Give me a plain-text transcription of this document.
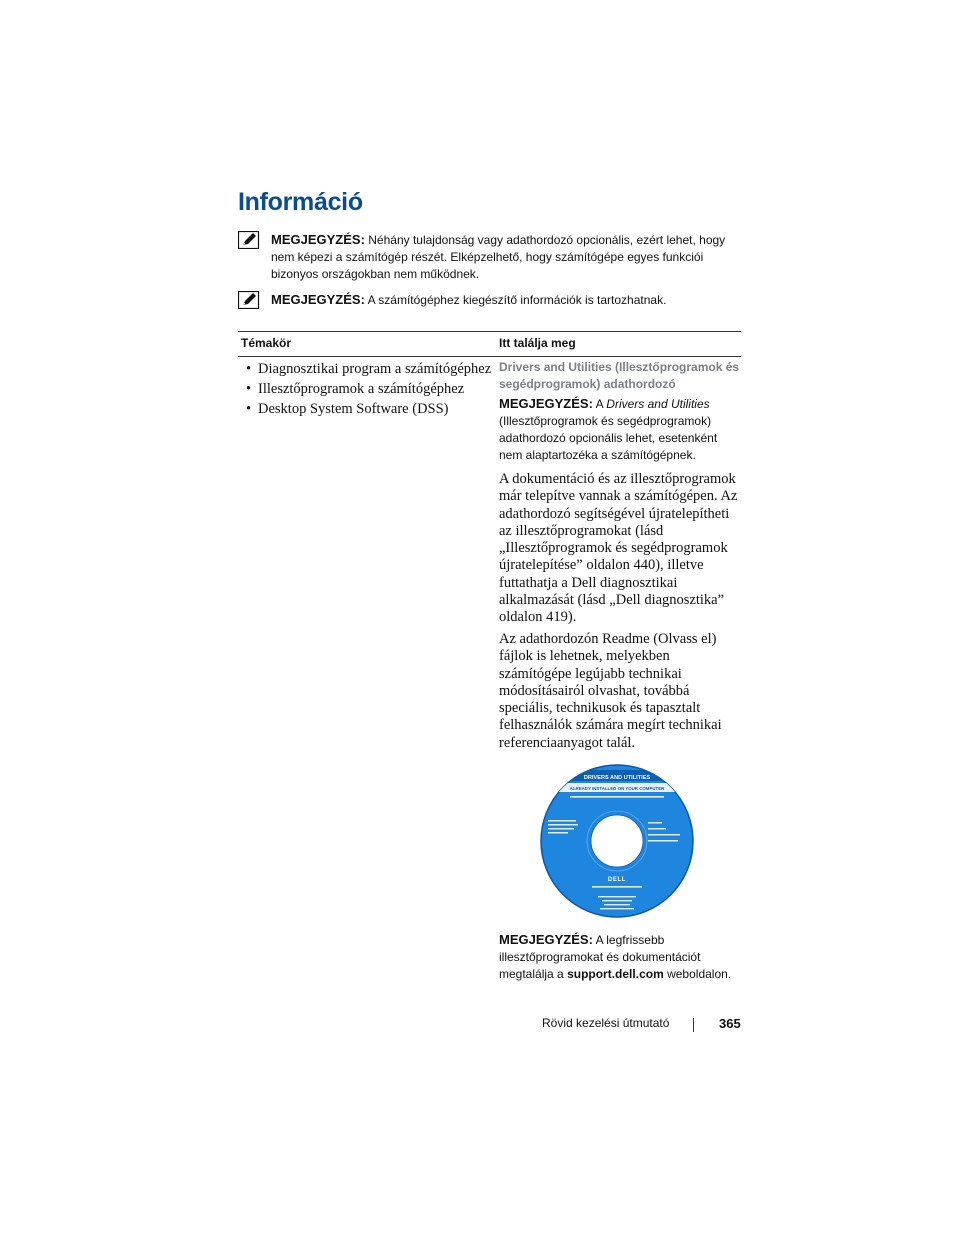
Információ
MEGJEGYZÉS: Néhány tulajdonság vagy adathordozó opcionális, ezért lehet, hogy nem képezi a számítógép részét. Elképzelhető, hogy számítógépe egyes funkciói bizonyos országokban nem működnek.
MEGJEGYZÉS: A számítógéphez kiegészítő információk is tartozhatnak.
Témakör	Itt találja meg
• Diagnosztikai program a számítógéphez
• Illesztőprogramok a számítógéphez
• Desktop System Software (DSS)
Drivers and Utilities (Illesztőprogramok és segédprogramok) adathordozó
MEGJEGYZÉS: A Drivers and Utilities (Illesztőprogramok és segédprogramok) adathordozó opcionális lehet, esetenként nem alaptartozéka a számítógépnek.
A dokumentáció és az illesztőprogramok már telepítve vannak a számítógépen. Az adathordozó segítségével újratelepítheti az illesztőprogramokat (lásd „Illesztőprogramok és segédprogramok újratelepítése” oldalon 440), illetve futtathatja a Dell diagnosztikai alkalmazását (lásd „Dell diagnosztika” oldalon 419).
Az adathordozón Readme (Olvass el) fájlok is lehetnek, melyekben számítógépe legújabb technikai módosításairól olvashat, továbbá speciális, technikusok és tapasztalt felhasználók számára megírt technikai referenciaanyagot talál.
DRIVERS AND UTILITIES
ALREADY INSTALLED ON YOUR COMPUTER
DELL
MEGJEGYZÉS: A legfrissebb illesztőprogramokat és dokumentációt megtalálja a support.dell.com weboldalon.
Rövid kezelési útmutató	365
